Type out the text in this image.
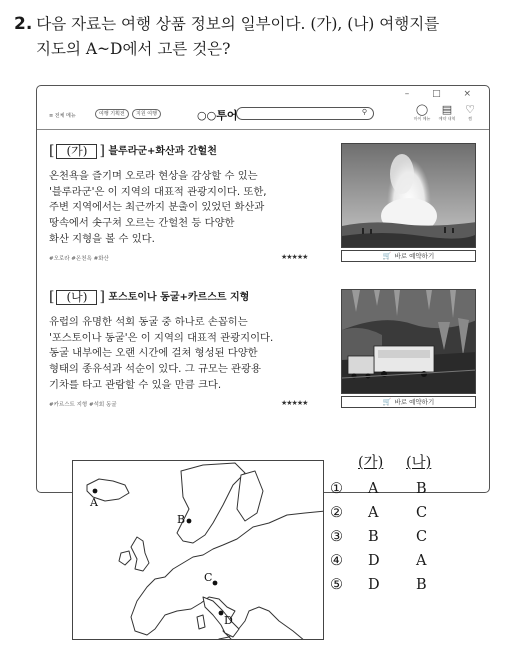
2. 다음 자료는 여행 상품 정보의 일부이다. (가), (나) 여행지를
지도의 A~D에서 고른 것은?
– □ ×
≡ 전체 메뉴	여행 기획전	지원 여행	○○투어	⚲	◯
마이 메뉴
▤
예약 내역
♡
찜
[ (가) ] 블루라군+화산과 간헐천
온천욕을 즐기며 오로라 현상을 감상할 수 있는
'블루라군'은 이 지역의 대표적 관광지이다. 또한,
주변 지역에서는 최근까지 분출이 있었던 화산과
땅속에서 솟구쳐 오르는 간헐천 등 다양한
화산 지형을 볼 수 있다.
#오로라 #온천욕 #화산	★★★★★	🛒 바로 예약하기
[ (나) ] 포스토이나 동굴+카르스트 지형
유럽의 유명한 석회 동굴 중 하나로 손꼽히는
'포스토이나 동굴'은 이 지역의 대표적 관광지이다.
동굴 내부에는 오랜 시간에 걸쳐 형성된 다양한
형태의 종유석과 석순이 있다. 그 규모는 관광용
기차를 타고 관람할 수 있을 만큼 크다.
#카르스트 지형 #석회 동굴	★★★★★	🛒 바로 예약하기
A
B
C
D
(가) (나)
① A	B
② A	C
③ B	C
④ D	A
⑤ D	B
